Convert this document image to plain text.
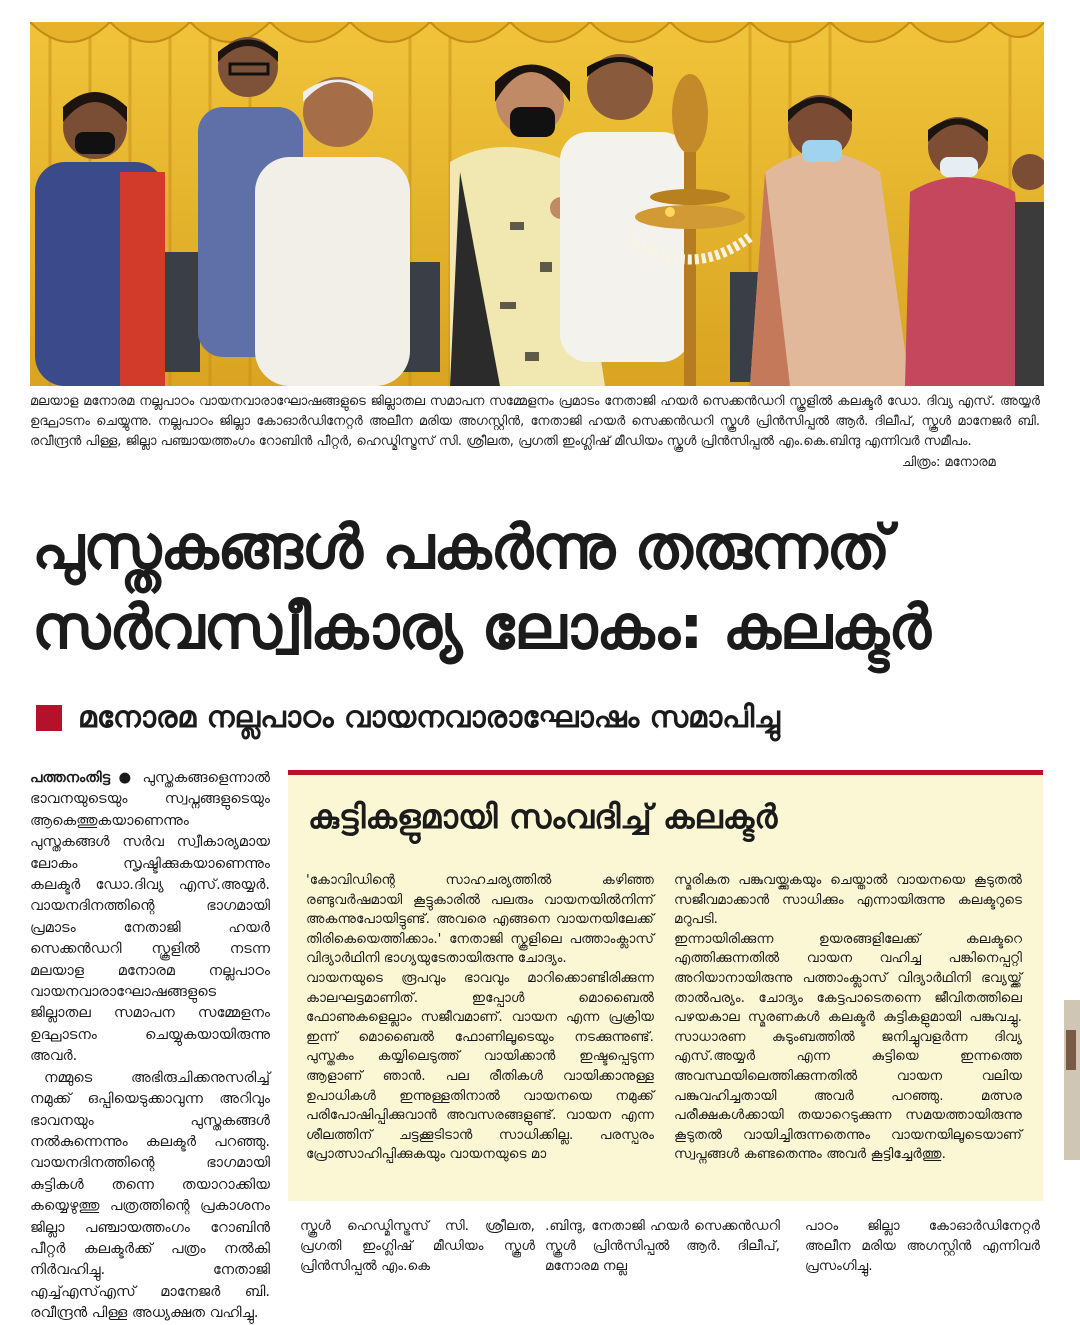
മലയാള മനോരമ നല്ലപാഠം വായനവാരാഘോഷങ്ങളുടെ ജില്ലാതല സമാപന സമ്മേളനം പ്രമാടം നേതാജി ഹയർ സെക്കൻഡറി സ്കൂളിൽ കലക്ടർ ഡോ. ദിവ്യ എസ്. അയ്യർ ഉദ്ഘാടനം ചെയ്യുന്നു. നല്ലപാഠം ജില്ലാ കോഓർഡിനേറ്റർ അലീന മരിയ അഗസ്റ്റിൻ, നേതാജി ഹയർ സെക്കൻഡറി സ്കൂൾ പ്രിൻസിപ്പൽ ആർ. ദിലീപ്, സ്കൂൾ മാനേജർ ബി. രവീന്ദ്രൻ പിള്ള, ജില്ലാ പഞ്ചായത്തംഗം റോബിൻ പീറ്റർ, ഹെഡ്മിസ്ട്രസ് സി. ശ്രീലത, പ്രഗതി ഇംഗ്ലിഷ് മീഡിയം സ്കൂൾ പ്രിൻസിപ്പൽ എം.കെ.ബിന്ദു എന്നിവർ സമീപം.
ചിത്രം: മനോരമ
പുസ്തകങ്ങൾ പകർന്നു തരുന്നത്
സർവസ്വീകാര്യ ലോകം: കലക്ടർ
മനോരമ നല്ലപാഠം വായനവാരാഘോഷം സമാപിച്ചു

പത്തനംതിട്ട ● പുസ്തകങ്ങളെന്നാൽ ഭാവനയുടെയും സ്വപ്നങ്ങളുടെയും ആകെത്തുകയാണെന്നും പുസ്തകങ്ങൾ സർവ സ്വീകാര്യമായ ലോകം സൃഷ്ടിക്കുകയാണെന്നും കലക്ടർ ഡോ.ദിവ്യ എസ്.അയ്യർ. വായനദിനത്തിന്റെ ഭാഗമായി പ്രമാടം നേതാജി ഹയർ സെക്കൻഡറി സ്കൂളിൽ നടന്ന മലയാള മനോരമ നല്ലപാഠം വായനവാരാഘോഷങ്ങളുടെ ജില്ലാതല സമാപന സമ്മേളനം ഉദ്ഘാടനം ചെയ്യുകയായിരുന്നു അവർ.

നമ്മുടെ അഭിരുചിക്കനുസരിച്ച് നമുക്ക് ഒപ്പിയെടുക്കാവുന്ന അറിവും ഭാവനയും പുസ്തകങ്ങൾ നൽകുന്നെന്നും കലക്ടർ പറഞ്ഞു. വായനദിനത്തിന്റെ ഭാഗമായി കുട്ടികൾ തന്നെ തയാറാക്കിയ കയ്യെഴുത്തു പത്രത്തിന്റെ പ്രകാശനം ജില്ലാ പഞ്ചായത്തംഗം റോബിൻ പീറ്റർ കലക്ടർക്ക് പത്രം നൽകി നിർവഹിച്ചു. നേതാജി എച്ച്എസ്എസ് മാനേജർ ബി. രവീന്ദ്രൻ പിള്ള അധ്യക്ഷത വഹിച്ചു.

കുട്ടികളുമായി സംവദിച്ച് കലക്ടർ

'കോവിഡിന്റെ സാഹചര്യത്തിൽ കഴിഞ്ഞ രണ്ടുവർഷമായി കൂട്ടുകാരിൽ പലരും വായനയിൽനിന്ന് അകന്നുപോയിട്ടുണ്ട്. അവരെ എങ്ങനെ വായനയിലേക്ക് തിരികെയെത്തിക്കാം.' നേതാജി സ്കൂളിലെ പത്താംക്ലാസ് വിദ്യാർഥിനി ഭാഗ്യയുടേതായിരുന്നു ചോദ്യം.

വായനയുടെ രൂപവും ഭാവവും മാറിക്കൊണ്ടിരിക്കുന്ന കാലഘട്ടമാണിത്. ഇപ്പോൾ മൊബൈൽ ഫോണുകളെല്ലാം സജീവമാണ്. വായന എന്ന പ്രക്രിയ ഇന്ന് മൊബൈൽ ഫോണിലൂടെയും നടക്കുന്നുണ്ട്. പുസ്തകം കയ്യിലെടുത്ത് വായിക്കാൻ ഇഷ്ടപ്പെടുന്ന ആളാണ് ഞാൻ. പല രീതികൾ വായിക്കാനുള്ള ഉപാധികൾ ഇന്നുള്ളതിനാൽ വായനയെ നമുക്ക് പരിപോഷിപ്പിക്കുവാൻ അവസരങ്ങളുണ്ട്. വായന എന്ന ശീലത്തിന് ചട്ടക്കൂടിടാൻ സാധിക്കില്ല. പരസ്പരം പ്രോത്സാഹിപ്പിക്കുകയും വായനയുടെ മാ

സ്മരികത പങ്കുവയ്ക്കുകയും ചെയ്താൽ വായനയെ കൂടുതൽ സജീവമാക്കാൻ സാധിക്കും എന്നായിരുന്നു കലക്ടറുടെ മറുപടി.

ഇന്നായിരിക്കുന്ന ഉയരങ്ങളിലേക്ക് കലക്ടറെ എത്തിക്കുന്നതിൽ വായന വഹിച്ച പങ്കിനെപ്പറ്റി അറിയാനായിരുന്നു പത്താംക്ലാസ് വിദ്യാർഥിനി ഭവ്യയ്ക്ക് താൽപര്യം. ചോദ്യം കേട്ടപാടെതന്നെ ജീവിതത്തിലെ പഴയകാല സ്മരണകൾ കലക്ടർ കുട്ടികളുമായി പങ്കുവച്ചു. സാധാരണ കുടുംബത്തിൽ ജനിച്ചുവളർന്ന ദിവ്യ എസ്.അയ്യർ എന്ന കുട്ടിയെ ഇന്നത്തെ അവസ്ഥയിലെത്തിക്കുന്നതിൽ വായന വലിയ പങ്കുവഹിച്ചതായി അവർ പറഞ്ഞു. മത്സര പരീക്ഷകൾക്കായി തയാറെടുക്കുന്ന സമയത്തായിരുന്നു കൂടുതൽ വായിച്ചിരുന്നതെന്നും വായനയിലൂടെയാണ് സ്വപ്നങ്ങൾ കണ്ടതെന്നും അവർ കൂട്ടിച്ചേർത്തു.

സ്കൂൾ ഹെഡ്മിസ്ട്രസ് സി. ശ്രീലത, പ്രഗതി ഇംഗ്ലിഷ് മീഡിയം സ്കൂൾ പ്രിൻസിപ്പൽ എം.കെ
.ബിന്ദു, നേതാജി ഹയർ സെക്കൻഡറി സ്കൂൾ പ്രിൻസിപ്പൽ ആർ. ദിലീപ്, മനോരമ നല്ല
പാഠം ജില്ലാ കോഓർഡിനേറ്റർ അലീന മരിയ അഗസ്റ്റിൻ എന്നിവർ പ്രസംഗിച്ചു.
